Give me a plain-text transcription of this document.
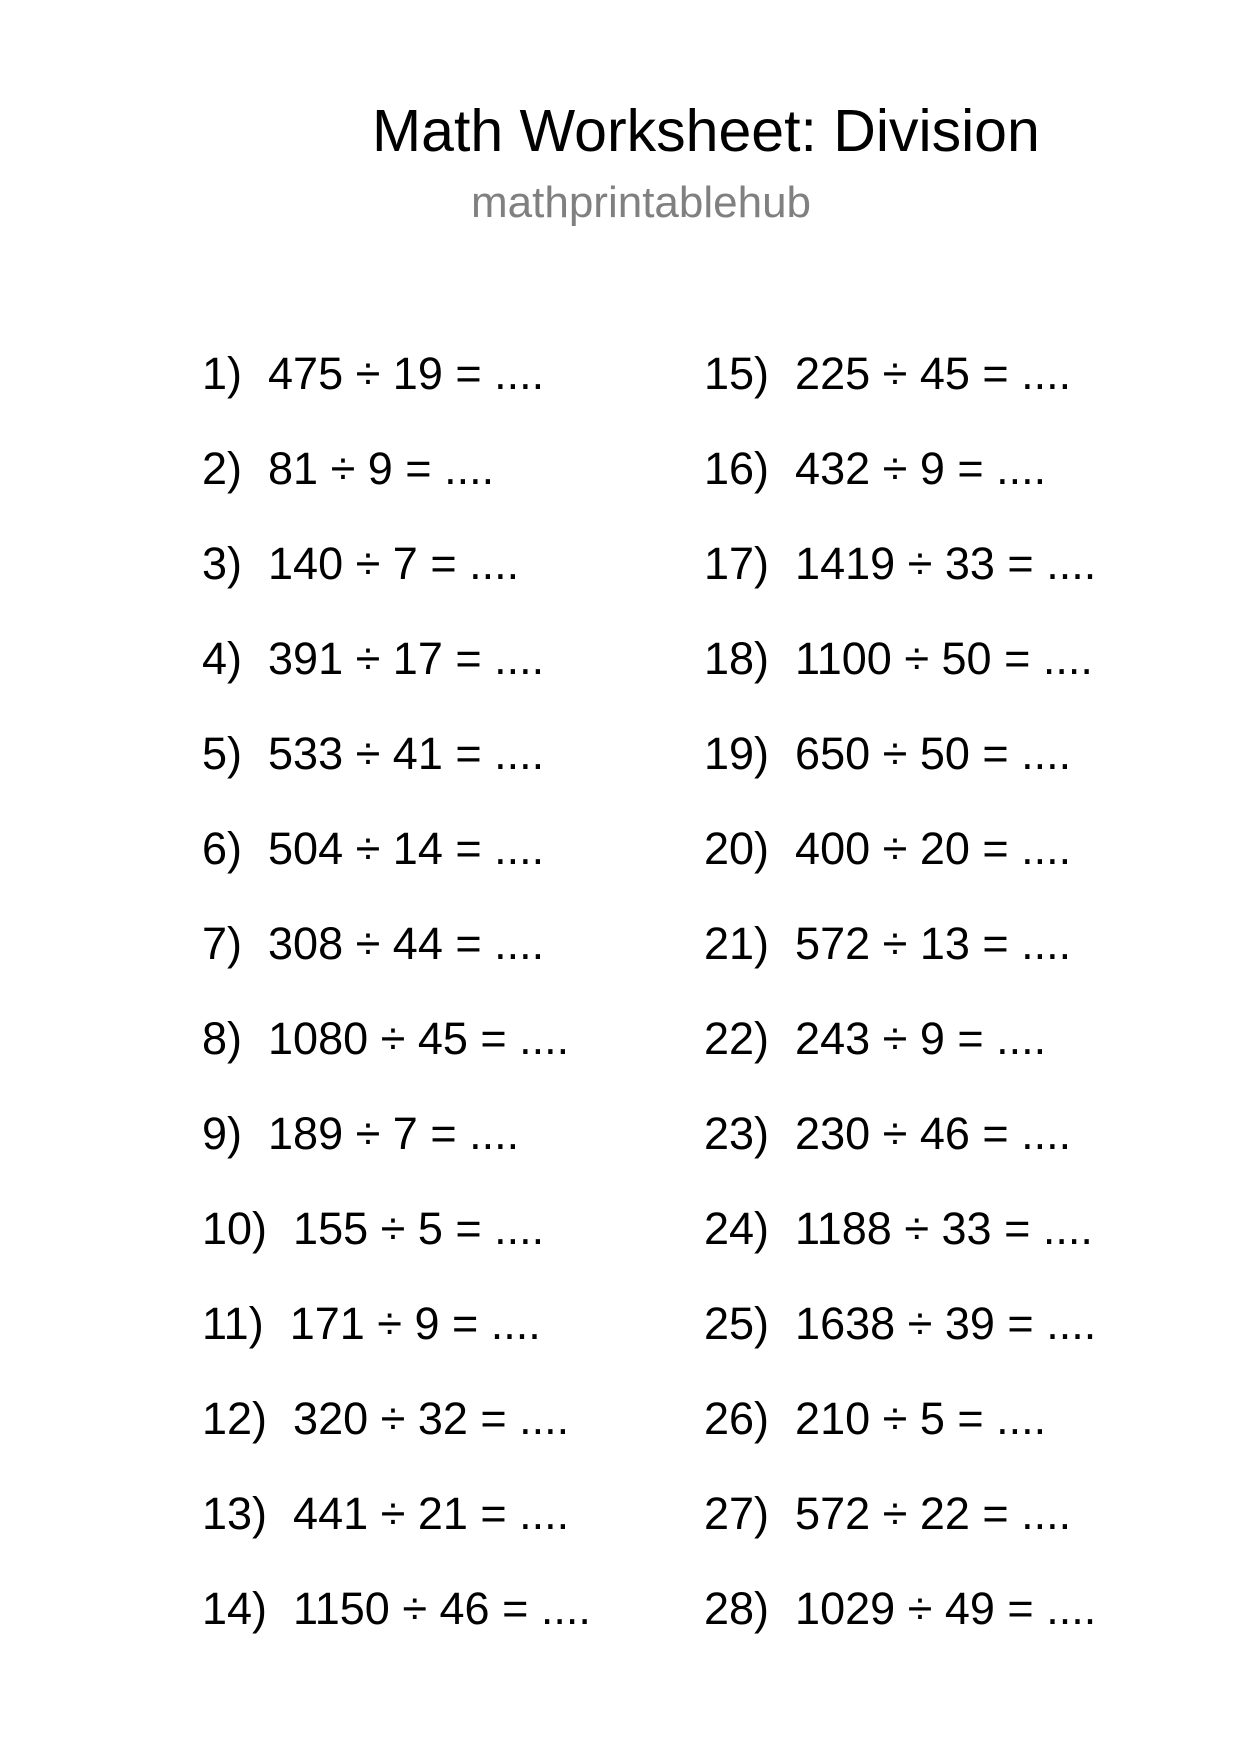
Math Worksheet: Division
mathprintablehub
1) 475 ÷ 19 = ....
2) 81 ÷ 9 = ....
3) 140 ÷ 7 = ....
4) 391 ÷ 17 = ....
5) 533 ÷ 41 = ....
6) 504 ÷ 14 = ....
7) 308 ÷ 44 = ....
8) 1080 ÷ 45 = ....
9) 189 ÷ 7 = ....
10) 155 ÷ 5 = ....
11) 171 ÷ 9 = ....
12) 320 ÷ 32 = ....
13) 441 ÷ 21 = ....
14) 1150 ÷ 46 = ....
15) 225 ÷ 45 = ....
16) 432 ÷ 9 = ....
17) 1419 ÷ 33 = ....
18) 1100 ÷ 50 = ....
19) 650 ÷ 50 = ....
20) 400 ÷ 20 = ....
21) 572 ÷ 13 = ....
22) 243 ÷ 9 = ....
23) 230 ÷ 46 = ....
24) 1188 ÷ 33 = ....
25) 1638 ÷ 39 = ....
26) 210 ÷ 5 = ....
27) 572 ÷ 22 = ....
28) 1029 ÷ 49 = ....
